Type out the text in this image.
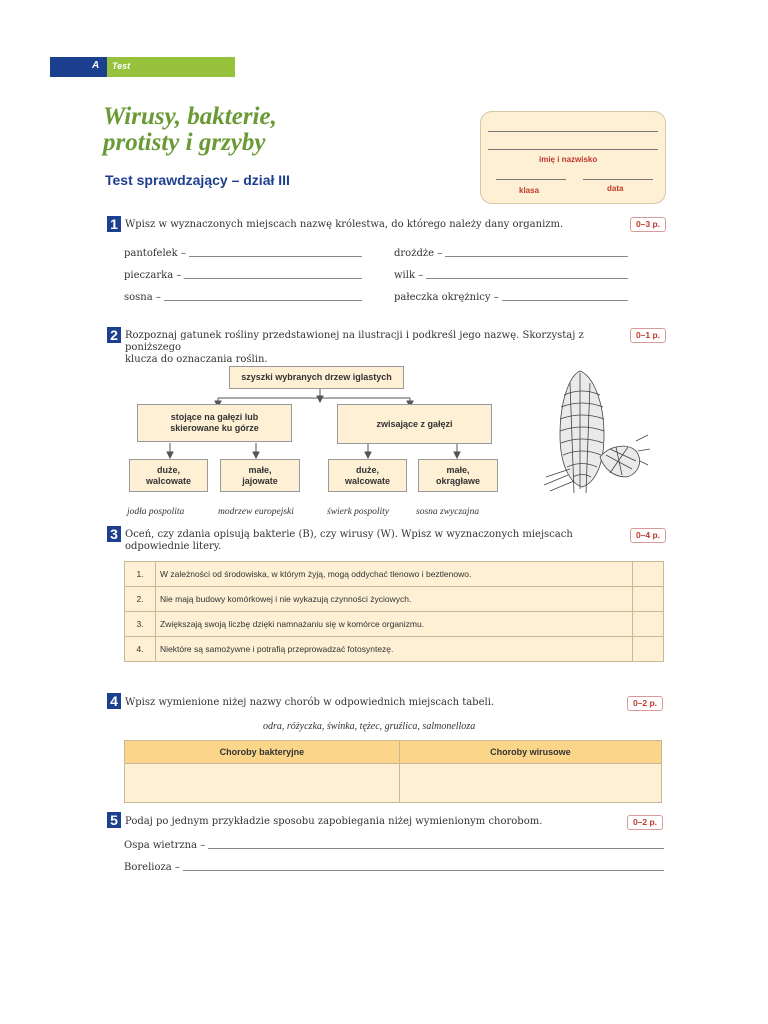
A Test
Wirusy, bakterie,
protisty i grzyby
Test sprawdzający – dział III
imię i nazwisko
klasa	data
1 Wpisz w wyznaczonych miejscach nazwę królestwa, do którego należy dany organizm.	0–3 p.
pantofelek –	drożdże –
pieczarka –	wilk –
sosna –	pałeczka okrężnicy –
2 Rozpoznaj gatunek rośliny przedstawionej na ilustracji i podkreśl jego nazwę. Skorzystaj z poniższego
klucza do oznaczania roślin.
0–1 p.
szyszki wybranych drzew iglastych
stojące na gałęzi lub skierowane ku górze	zwisające z gałęzi
duże, walcowate
małe, jajowate
duże, walcowate
małe, okrągławe
jodła pospolita	modrzew europejski	świerk pospolity	sosna zwyczajna
3 Oceń, czy zdania opisują bakterie (B), czy wirusy (W). Wpisz w wyznaczonych miejscach
odpowiednie litery.
0–4 p.
1.	W zależności od środowiska, w którym żyją, mogą oddychać tlenowo i beztlenowo.	
2.	Nie mają budowy komórkowej i nie wykazują czynności życiowych.	
3.	Zwiększają swoją liczbę dzięki namnażaniu się w komórce organizmu.	
4.	Niektóre są samożywne i potrafią przeprowadzać fotosyntezę.	
4 Wpisz wymienione niżej nazwy chorób w odpowiednich miejscach tabeli.	0–2 p.
odra, różyczka, świnka, tężec, gruźlica, salmonelloza
Choroby bakteryjne	Choroby wirusowe

5 Podaj po jednym przykładzie sposobu zapobiegania niżej wymienionym chorobom.	0–2 p.
Ospa wietrzna –
Borelioza –
